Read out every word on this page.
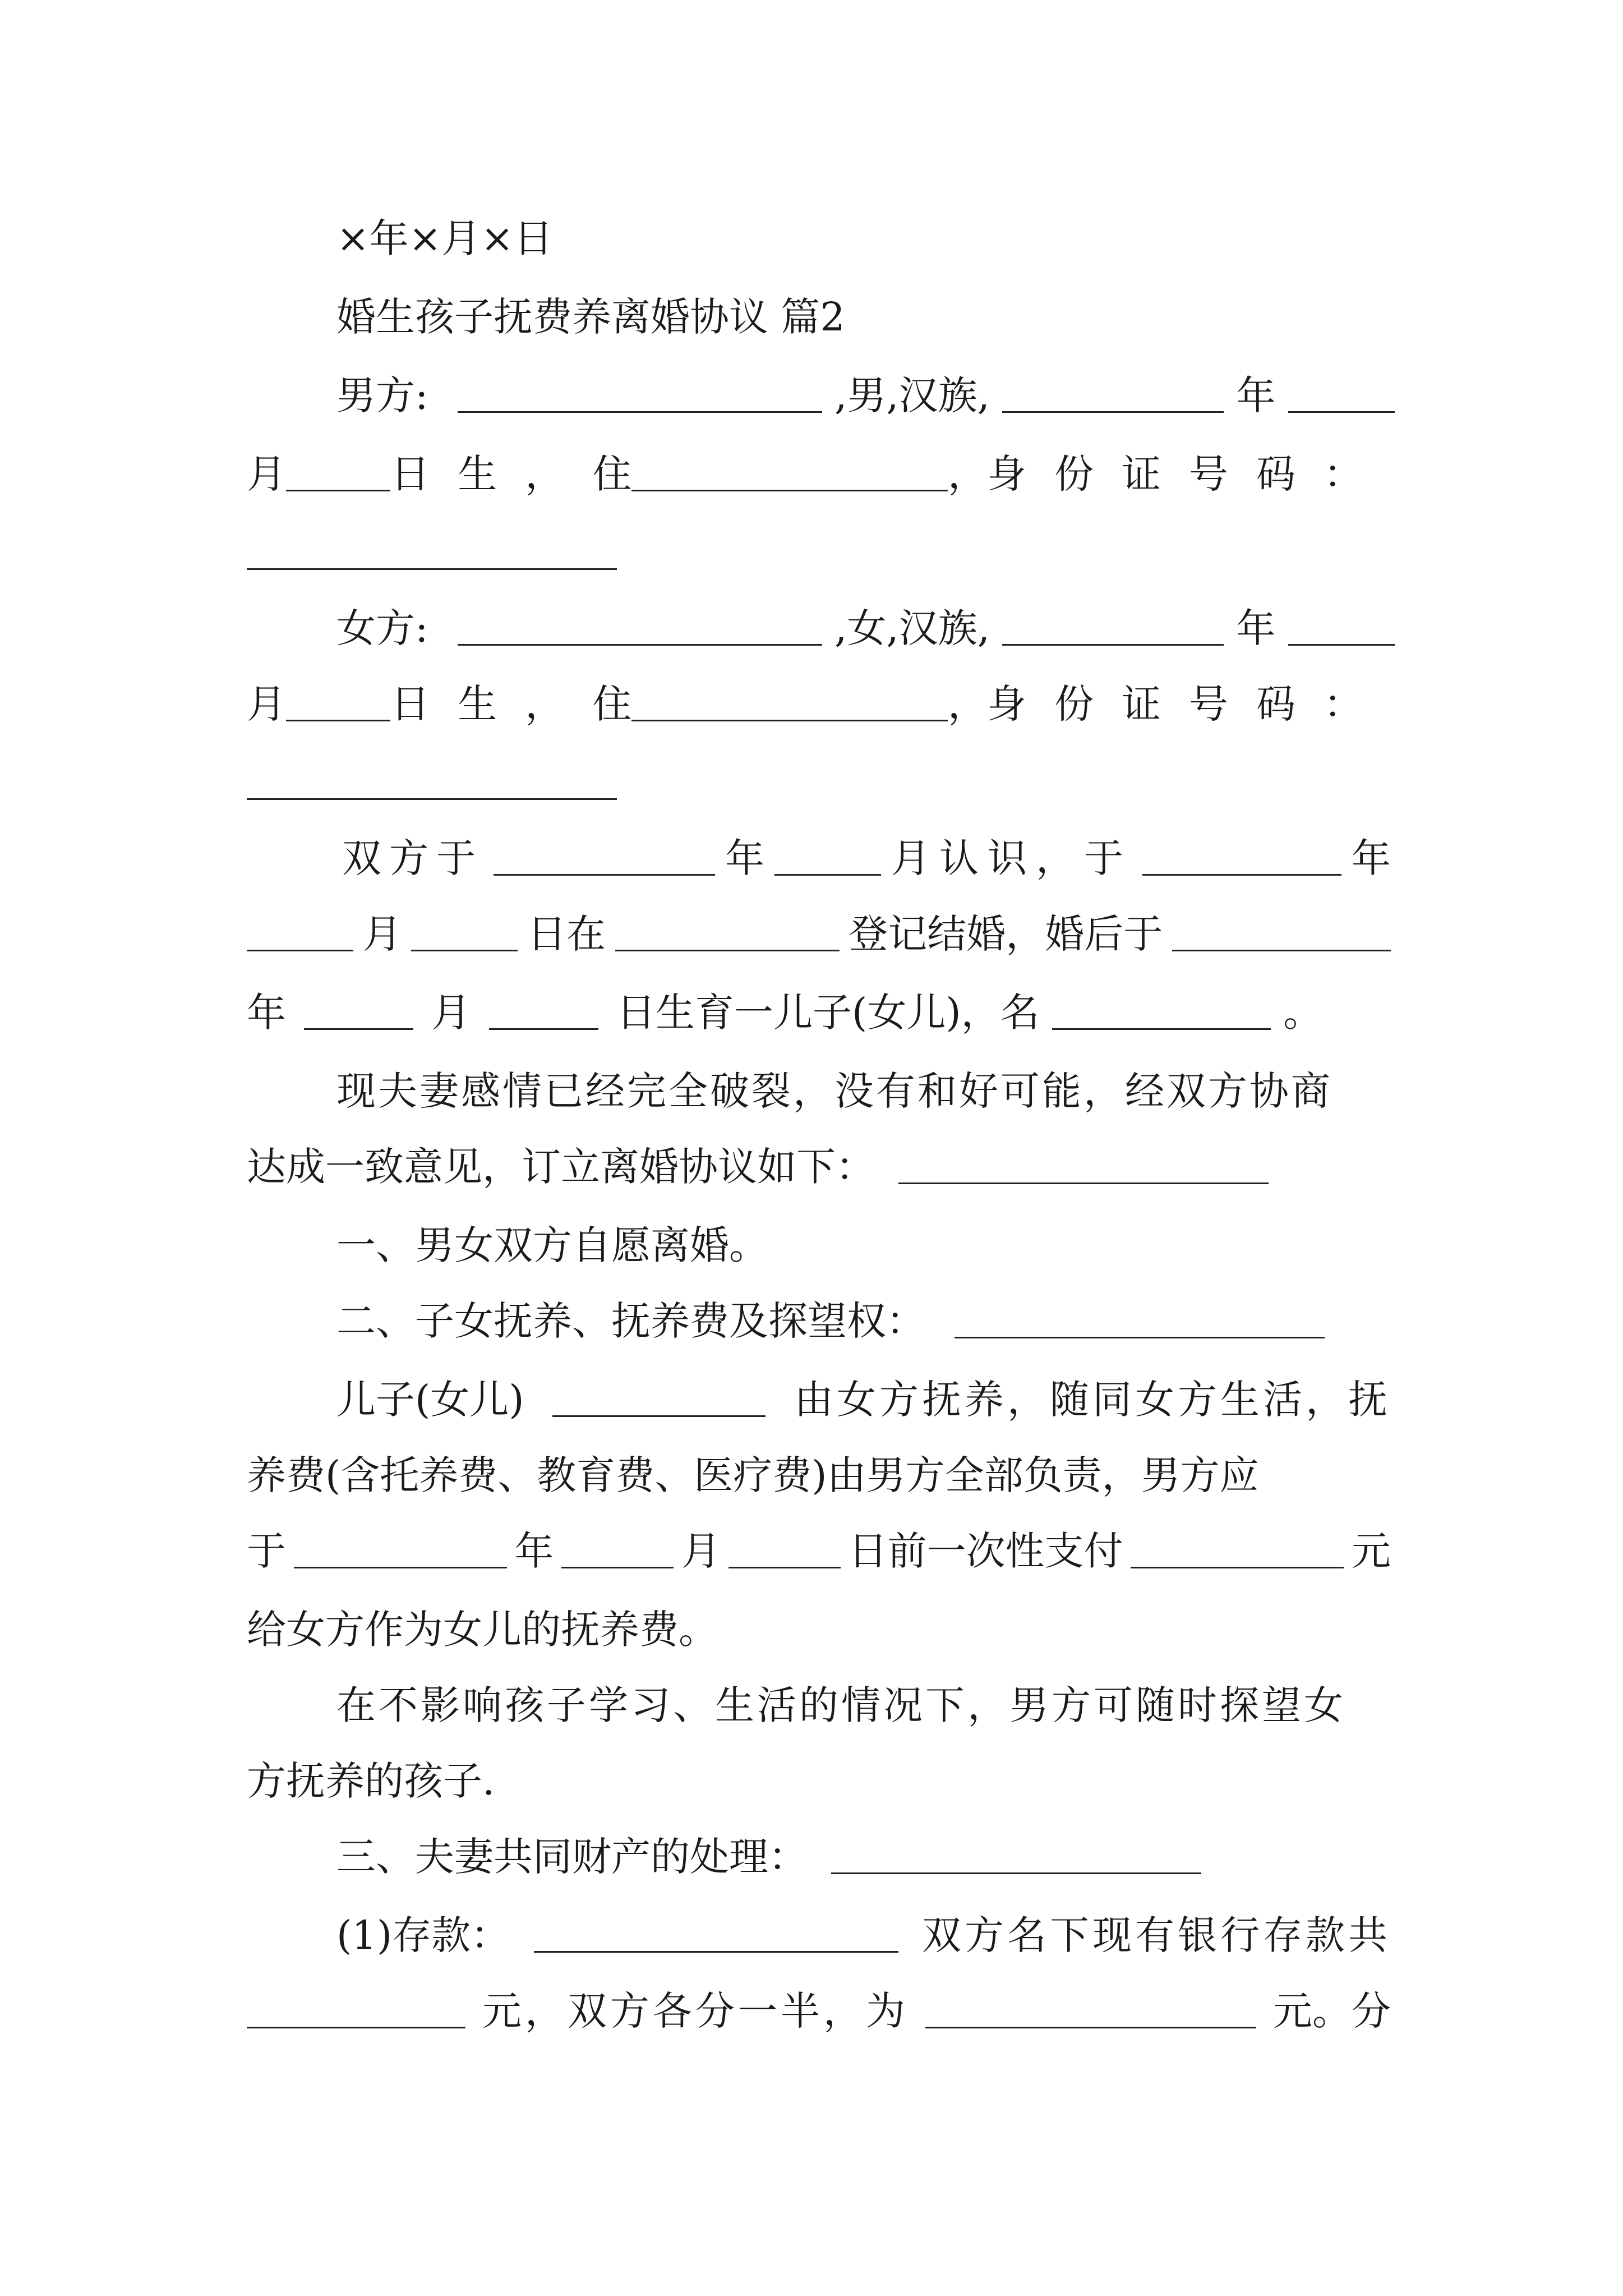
×年×月×日
婚生孩子抚费养离婚协议 篇2
男方:	,男,汉族,	年
月	日生， 住	， 身份证号码：
女方:	,女,汉族,	年
月	日生， 住	， 身份证号码：
双方于	年	月认识，于	年
月	日在	登记结婚，婚后于
年	月	日生育一儿子(女儿)，名	。
现夫妻感情已经完全破裂，没有和好可能，经双方协商
达成一致意见，订立离婚协议如下：
一、男女双方自愿离婚。
二、子女抚养、抚养费及探望权：
儿子(女儿)	由女方抚养，随同女方生活，抚
养费(含托养费、教育费、医疗费)由男方全部负责，男方应
于	年	月	日前一次性支付	元
给女方作为女儿的抚养费。
在不影响孩子学习、生活的情况下，男方可随时探望女
方抚养的孩子.
三、夫妻共同财产的处理：
(1)存款：	双方名下现有银行存款共
元，双方各分一半，为	元。分
